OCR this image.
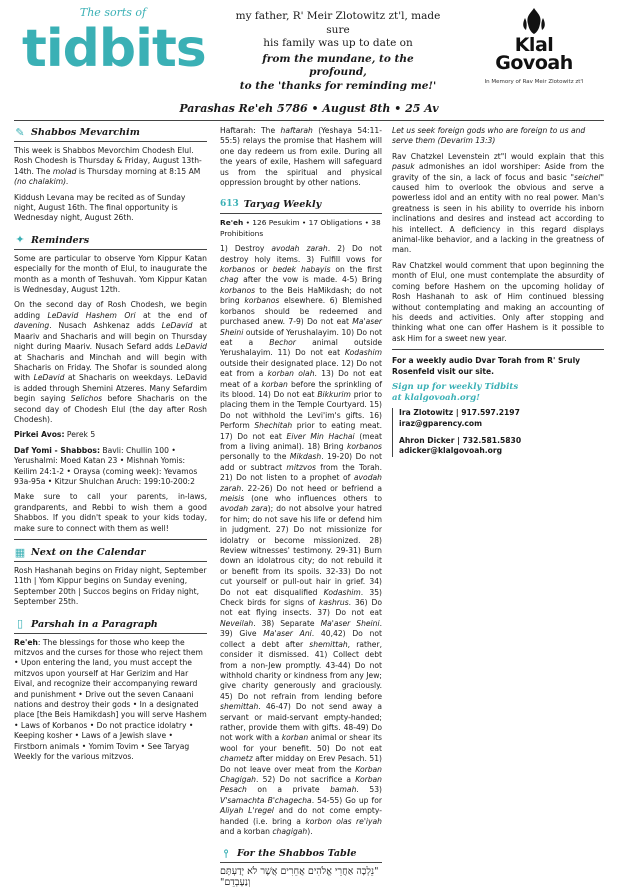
The sorts of
tidbits
my father, R' Meir Zlotowitz zt'l, made sure
his family was up to date on
from the mundane, to the profound,
to the 'thanks for reminding me!'
Klal
Govoah
In Memory of Rav Meir Zlotowitz zt'l
Parashas Re'eh 5786 • August 8th • 25 Av
✎ Shabbos Mevarchim

This week is Shabbos Mevorchim Chodesh Elul. Rosh Chodesh is Thursday & Friday, August 13th-14th. The molad is Thursday morning at 8:15 AM (no chalakim).

Kiddush Levana may be recited as of Sunday night, August 16th. The final opportunity is Wednesday night, August 26th.

✦ Reminders

Some are particular to observe Yom Kippur Katan especially for the month of Elul, to inaugurate the month as a month of Teshuvah. Yom Kippur Katan is Wednesday, August 12th.

On the second day of Rosh Chodesh, we begin adding LeDavid Hashem Ori at the end of davening. Nusach Ashkenaz adds LeDavid at Maariv and Shacharis and will begin on Thursday night during Maariv. Nusach Sefard adds LeDavid at Shacharis and Minchah and will begin with Shacharis on Friday. The Shofar is sounded along with LeDavid at Shacharis on weekdays. LeDavid is added through Shemini Atzeres. Many Sefardim begin saying Selichos before Shacharis on the second day of Chodesh Elul (the day after Rosh Chodesh).

Pirkei Avos: Perek 5

Daf Yomi - Shabbos: Bavli: Chullin 100 • Yerushalmi: Moed Katan 23 • Mishnah Yomis: Keilim 24:1-2 • Oraysa (coming week): Yevamos 93a-95a • Kitzur Shulchan Aruch: 199:10-200:2

Make sure to call your parents, in-laws, grandparents, and Rebbi to wish them a good Shabbos. If you didn't speak to your kids today, make sure to connect with them as well!

▦ Next on the Calendar

Rosh Hashanah begins on Friday night, September 11th | Yom Kippur begins on Sunday evening, September 20th | Succos begins on Friday night, September 25th.

▯ Parshah in a Paragraph

Re'eh: The blessings for those who keep the mitzvos and the curses for those who reject them • Upon entering the land, you must accept the mitzvos upon yourself at Har Gerizim and Har Eival, and recognize their accompanying reward and punishment • Drive out the seven Canaani nations and destroy their gods • In a designated place [the Beis Hamikdash] you will serve Hashem • Laws of Korbanos • Do not practice idolatry • Keeping kosher • Laws of a Jewish slave • Firstborn animals • Yomim Tovim • See Taryag Weekly for the various mitzvos.

Haftarah: The haftarah (Yeshaya 54:11-55:5) relays the promise that Hashem will one day redeem us from exile. During all the years of exile, Hashem will safeguard us from the spiritual and physical oppression brought by other nations.

613 Taryag Weekly

Re'eh • 126 Pesukim • 17 Obligations • 38 Prohibitions

1) Destroy avodah zarah. 2) Do not destroy holy items. 3) Fulfill vows for korbanos or bedek habayis on the first chag after the vow is made. 4-5) Bring korbanos to the Beis HaMikdash; do not bring korbanos elsewhere. 6) Blemished korbanos should be redeemed and purchased anew. 7-9) Do not eat Ma'aser Sheini outside of Yerushalayim. 10) Do not eat a Bechor animal outside Yerushalayim. 11) Do not eat Kodashim outside their designated place. 12) Do not eat from a korban olah. 13) Do not eat meat of a korban before the sprinkling of its blood. 14) Do not eat Bikkurim prior to placing them in the Temple Courtyard. 15) Do not withhold the Levi'im's gifts. 16) Perform Shechitah prior to eating meat. 17) Do not eat Eiver Min Hachai (meat from a living animal). 18) Bring korbanos personally to the Mikdash. 19-20) Do not add or subtract mitzvos from the Torah. 21) Do not listen to a prophet of avodah zarah. 22-26) Do not heed or befriend a meisis (one who influences others to avodah zara); do not absolve your hatred for him; do not save his life or defend him in judgment. 27) Do not missionize for idolatry or become missionized. 28) Review witnesses' testimony. 29-31) Burn down an idolatrous city; do not rebuild it or benefit from its spoils. 32-33) Do not cut yourself or pull-out hair in grief. 34) Do not eat disqualified Kodashim. 35) Check birds for signs of kashrus. 36) Do not eat flying insects. 37) Do not eat Neveilah. 38) Separate Ma'aser Sheini. 39) Give Ma'aser Ani. 40,42) Do not collect a debt after shemittah, rather, consider it dismissed. 41) Collect debt from a non-Jew promptly. 43-44) Do not withhold charity or kindness from any Jew; give charity generously and graciously. 45) Do not refrain from lending before shemittah. 46-47) Do not send away a servant or maid-servant empty-handed; rather, provide them with gifts. 48-49) Do not work with a korban animal or shear its wool for your benefit. 50) Do not eat chametz after midday on Erev Pesach. 51) Do not leave over meat from the Korban Chagigah. 52) Do not sacrifice a Korban Pesach on a private bamah. 53) V'samachta B'chagecha. 54-55) Go up for Aliyah L'regel and do not come empty-handed (i.e. bring a korbon olas re'iyah and a korban chagigah).

⫯ For the Shabbos Table

"נֵלְכָה אַחֲרֵי אֱלֹהִים אֲחֵרִים אֲשֶׁר לֹא יְדַעְתָּם וְנַעָבְדֵם"

Let us seek foreign gods who are foreign to us and serve them (Devarim 13:3)

Rav Chatzkel Levenstein zt"l would explain that this pasuk admonishes an idol worshiper: Aside from the gravity of the sin, a lack of focus and basic "seichel" caused him to overlook the obvious and serve a powerless idol and an entity with no real power. Man's greatness is seen in his ability to override his inborn inclinations and desires and instead act according to his intellect. A deficiency in this regard displays animal-like behavior, and a lacking in the greatness of man.

Rav Chatzkel would comment that upon beginning the month of Elul, one must contemplate the absurdity of coming before Hashem on the upcoming holiday of Rosh Hashanah to ask of Him continued blessing without contemplating and making an accounting of his deeds and activities. Only after stopping and thinking what one can offer Hashem is it possible to ask Him for a sweet new year.

For a weekly audio Dvar Torah from R' Sruly Rosenfeld visit our site.

Sign up for weekly Tidbits
at klalgovoah.org!
Ira Zlotowitz | 917.597.2197
iraz@gparency.com
Ahron Dicker | 732.581.5830
adicker@klalgovoah.org
